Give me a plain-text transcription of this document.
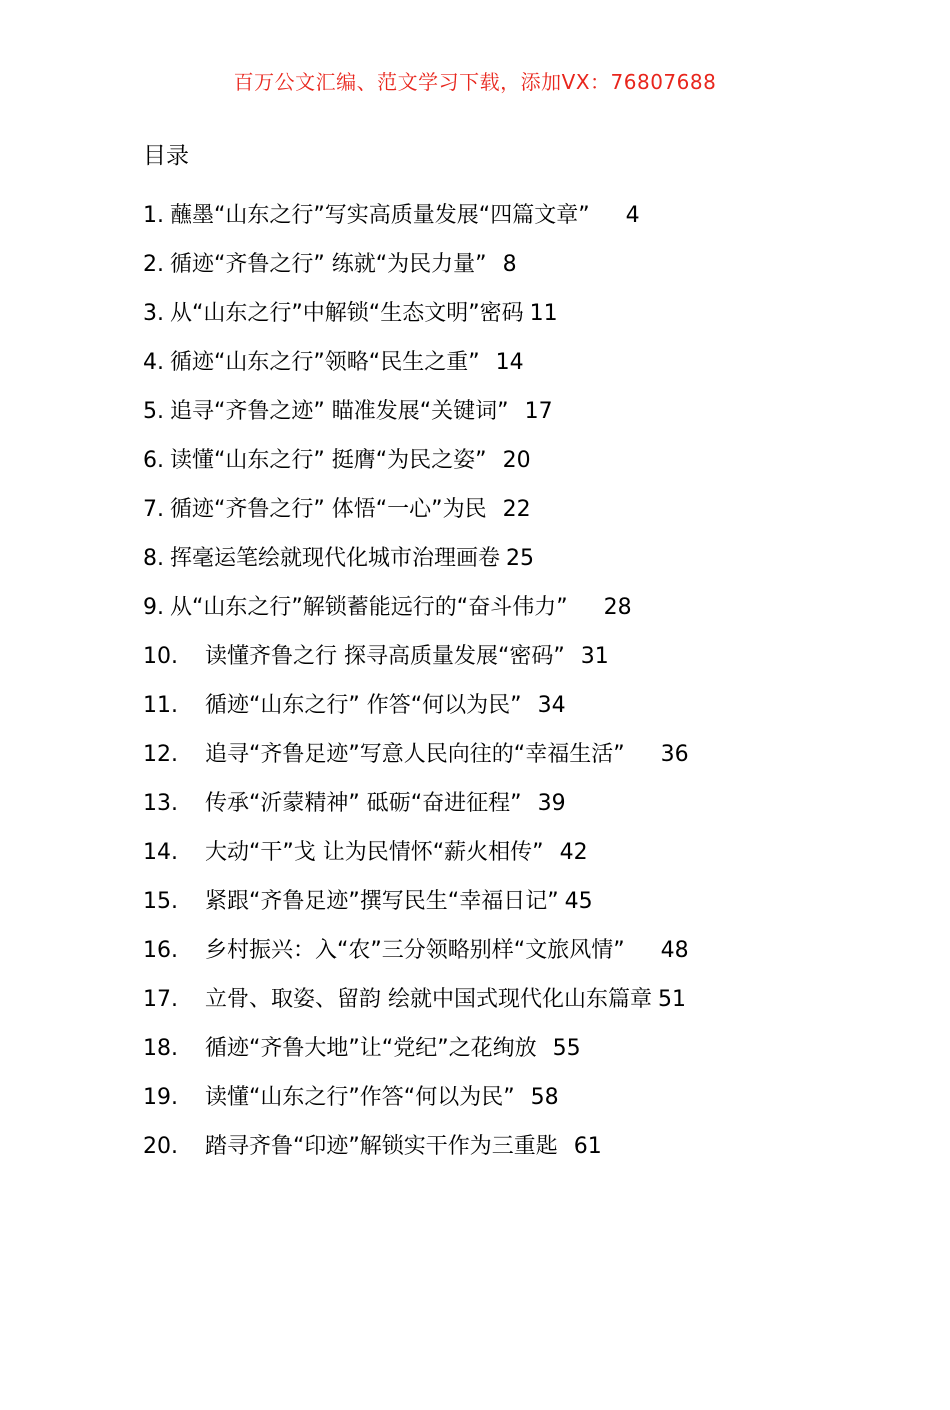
百万公文汇编、范文学习下载，添加VX：76807688
目录
1. 蘸墨“山东之行”写实高质量发展“四篇文章” 4
2. 循迹“齐鲁之行” 练就“为民力量” 8
3. 从“山东之行”中解锁“生态文明”密码 11
4. 循迹“山东之行”领略“民生之重” 14
5. 追寻“齐鲁之迹” 瞄准发展“关键词” 17
6. 读懂“山东之行” 挺膺“为民之姿” 20
7. 循迹“齐鲁之行” 体悟“一心”为民 22
8. 挥毫运笔绘就现代化城市治理画卷 25
9. 从“山东之行”解锁蓄能远行的“奋斗伟力” 28
10. 读懂齐鲁之行 探寻高质量发展“密码” 31
11. 循迹“山东之行” 作答“何以为民” 34
12. 追寻“齐鲁足迹”写意人民向往的“幸福生活” 36
13. 传承“沂蒙精神” 砥砺“奋进征程” 39
14. 大动“干”戈 让为民情怀“薪火相传” 42
15. 紧跟“齐鲁足迹”撰写民生“幸福日记” 45
16. 乡村振兴：入“农”三分领略别样“文旅风情” 48
17. 立骨、取姿、留韵 绘就中国式现代化山东篇章 51
18. 循迹“齐鲁大地”让“党纪”之花绚放 55
19. 读懂“山东之行”作答“何以为民” 58
20. 踏寻齐鲁“印迹”解锁实干作为三重匙 61
